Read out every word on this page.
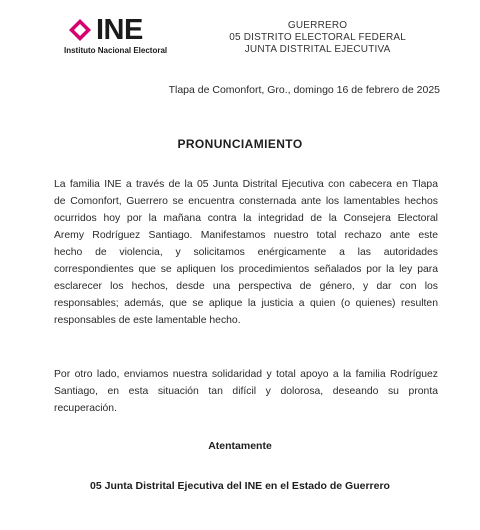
INE
Instituto Nacional Electoral
GUERRERO
05 DISTRITO ELECTORAL FEDERAL
JUNTA DISTRITAL EJECUTIVA
Tlapa de Comonfort, Gro., domingo 16 de febrero de 2025
PRONUNCIAMIENTO
La familia INE a través de la 05 Junta Distrital Ejecutiva con cabecera en Tlapa
de Comonfort, Guerrero se encuentra consternada ante los lamentables hechos
ocurridos hoy por la mañana contra la integridad de la Consejera Electoral
Aremy Rodríguez Santiago. Manifestamos nuestro total rechazo ante este
hecho de violencia, y solicitamos enérgicamente a las autoridades
correspondientes que se apliquen los procedimientos señalados por la ley para
esclarecer los hechos, desde una perspectiva de género, y dar con los
responsables; además, que se aplique la justicia a quien (o quienes) resulten
responsables de este lamentable hecho.
Por otro lado, enviamos nuestra solidaridad y total apoyo a la familia Rodríguez
Santiago, en esta situación tan difícil y dolorosa, deseando su pronta
recuperación.
Atentamente
05 Junta Distrital Ejecutiva del INE en el Estado de Guerrero
